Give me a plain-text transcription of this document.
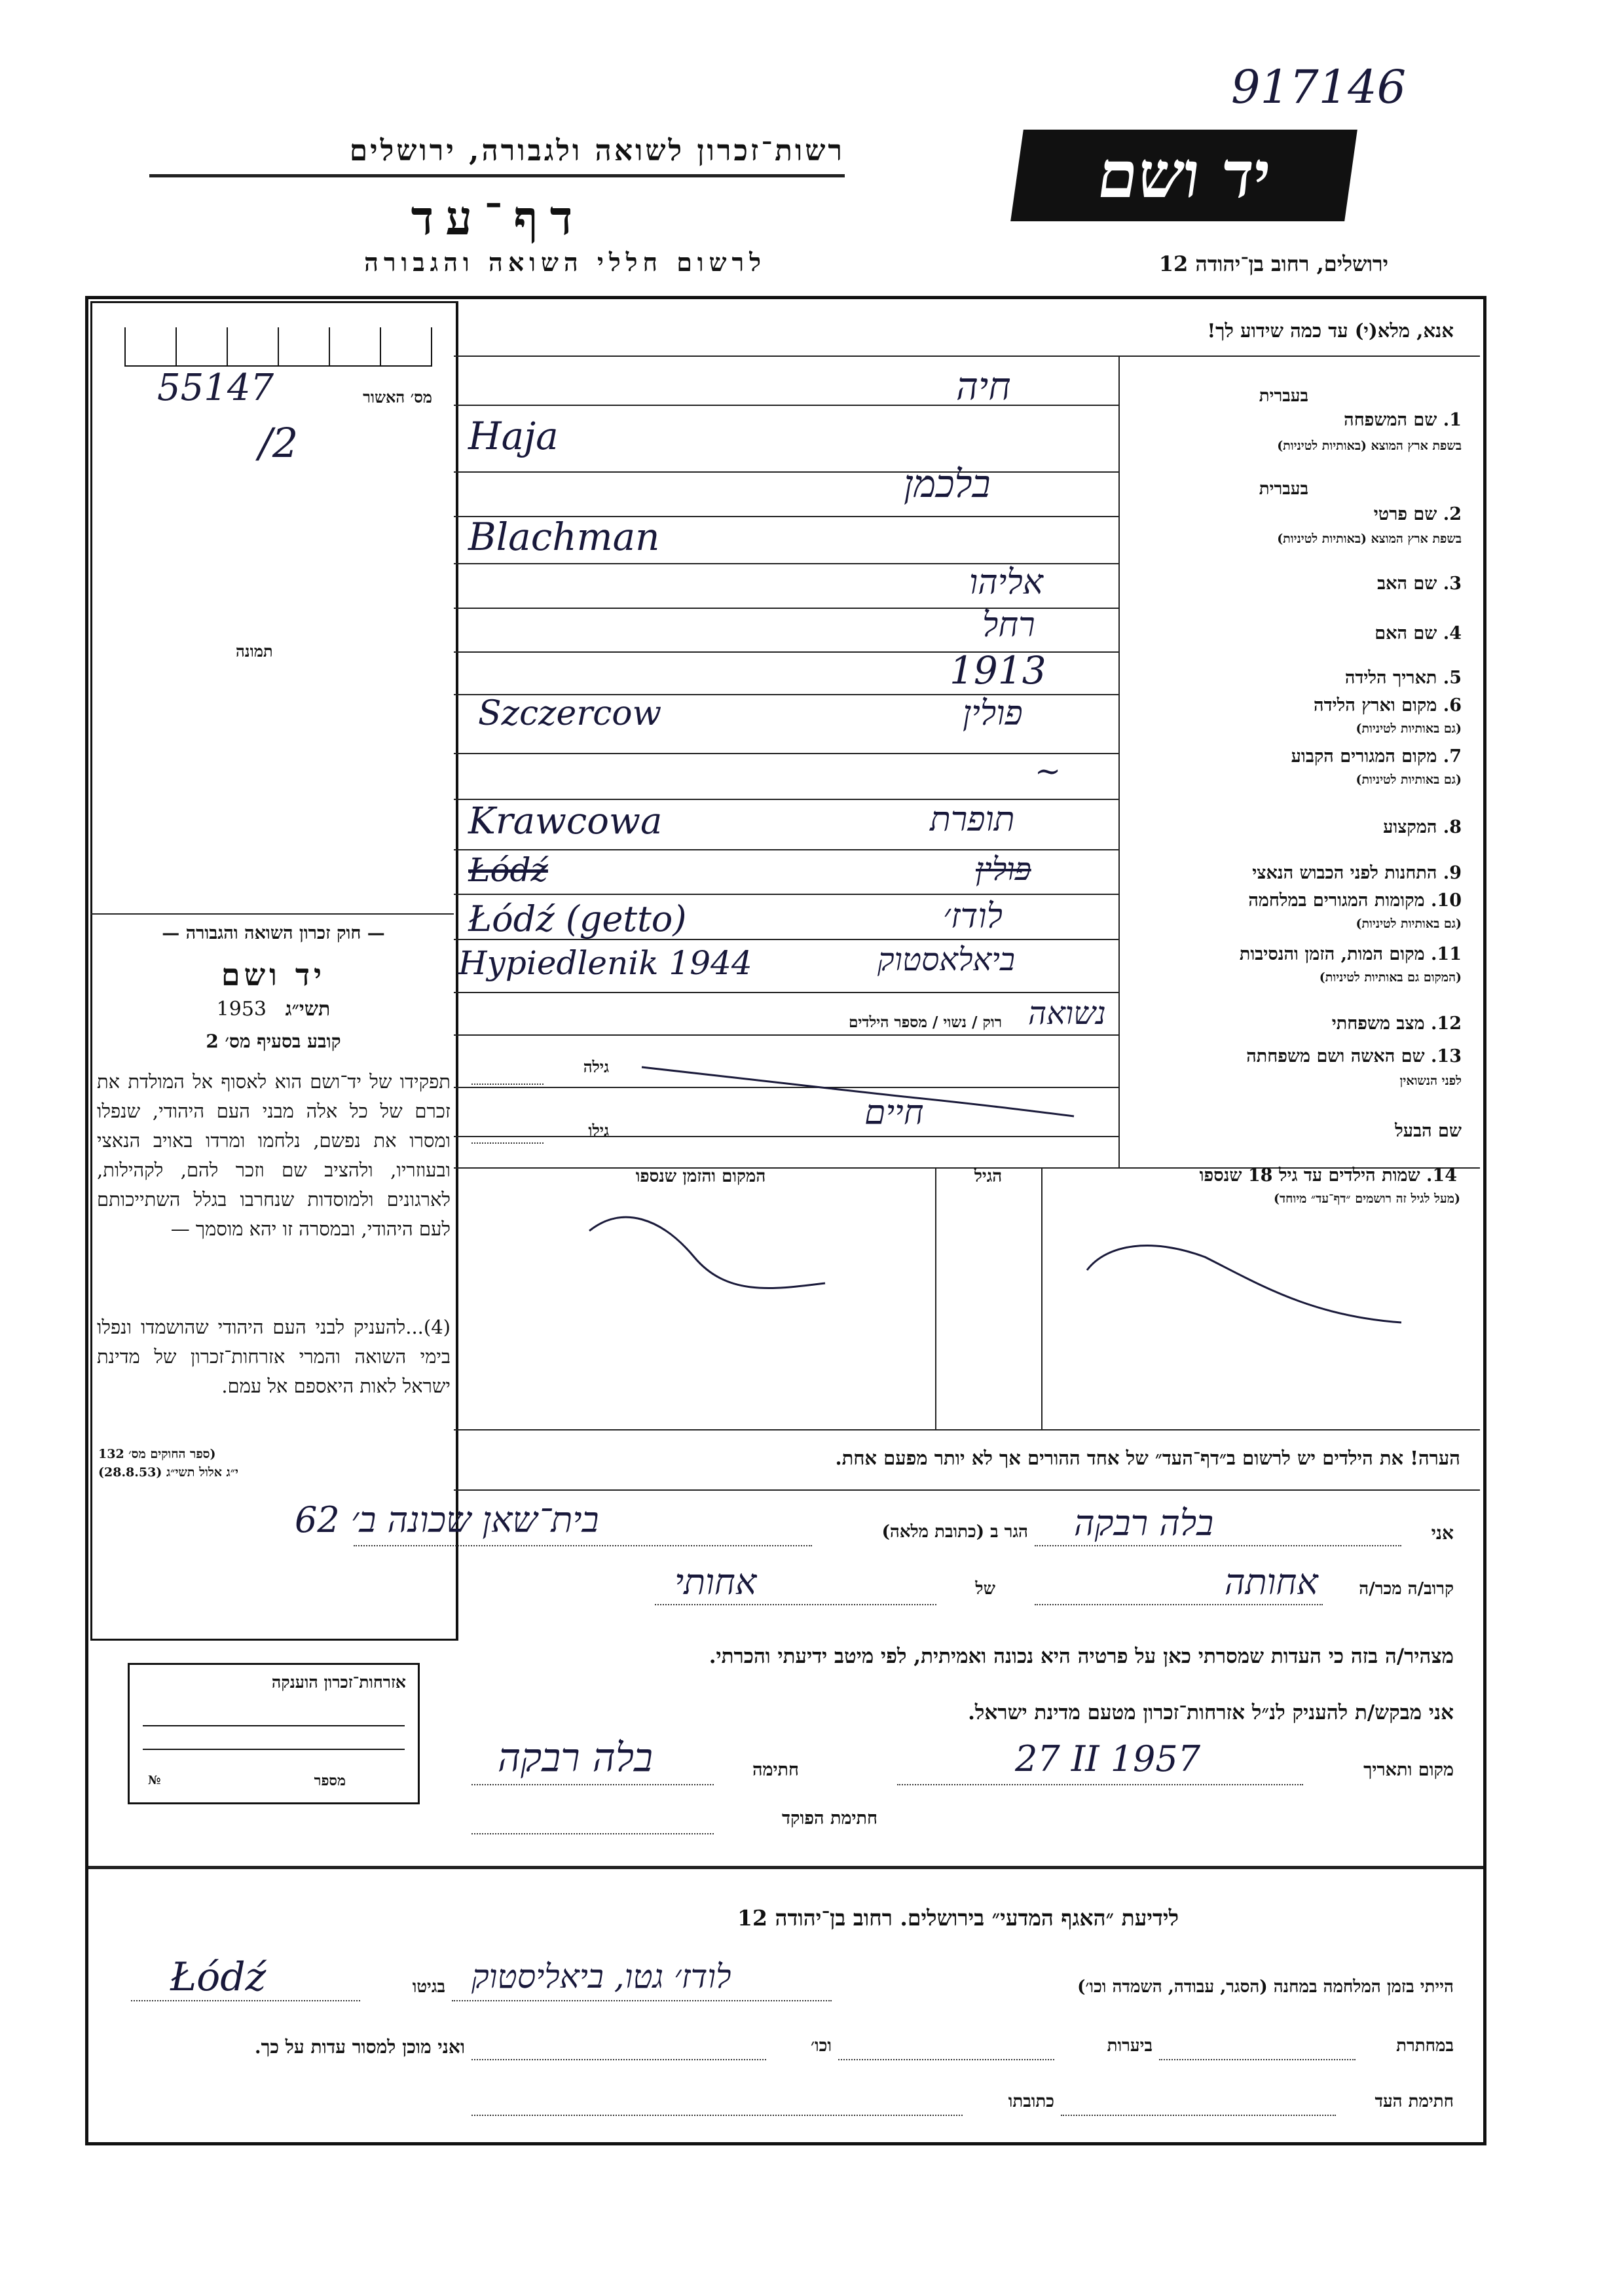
917146
רשות־זכרון לשואה ולגבורה, ירושלים
דף־עד
לרשום חללי השואה והגבורה
יד ושם
ירושלים, רחוב בן־יהודה 12
מס׳ האשור
55147
/2
תמונה
— חוק זכרון השואה והגבורה —
יד ושם
1953 תשי״ג
קובע בסעיף מס׳ 2
תפקידו של יד־ושם הוא לאסוף אל המולדת את זכרם של כל אלה מבני העם היהודי, שנפלו ומסרו את נפשם, נלחמו ומרדו באויב הנאצי ובעוזריו, ולהציב שם וזכר להם, לקהילות, לארגונים ולמוסדות שנחרבו בגלל השתייכותם לעם היהודי, ובמסרה זו יהא מוסמך —
(4)...להעניק לבני העם היהודי שהושמדו ונפלו בימי השואה והמרי אזרחות־זכרון של מדינת ישראל לאות היאספם אל עמם.
(ספר החוקים מס׳ 132
י״ג אלול תשי״ג (28.8.53)
אנא, מלא(י) עד כמה שידוע לך!
בעברית
1. שם המשפחה
בשפת ארץ המוצא (באותיות לטיניות)
בעברית
2. שם פרטי
בשפת ארץ המוצא (באותיות לטיניות)
3. שם האב
4. שם האם
5. תאריך הלידה
6. מקום וארץ הלידה
(גם באותיות לטיניות)
7. מקום המגורים הקבוע
(גם באותיות לטיניות)
8. המקצוע
9. התחנות לפני הכבוש הנאצי
10. מקומות המגורים במלחמה
(גם באותיות לטיניות)
11. מקום המות, הזמן והנסיבות
(המקום גם באותיות לטיניות)
12. מצב משפחתי
13. שם האשה ושם משפחתה
לפני הנשואין
שם הבעל
חיה
Haja
בלכמן
Blachman
אליהו
רחל
1913
פולין
Szczercow
~
תופרת
Krawcowa
פולין
Łódź
לודז׳
Łódź (getto)
ביאלאסטוק
Hypiedlenik 1944
נשואה
חיים
רוק / נשוי / מספר הילדים
גילה
גילו
14. שמות הילדים עד גיל 18 שנספו
(מעל לגיל זה רושמים ״דף־עד״ מיוחד)
הגיל
המקום והזמן שנספו
הערה! את הילדים יש לרשום ב״דף־העד״ של אחד ההורים אך לא יותר מפעם אחת.
אני
בלה רבקה
הגר ב (כתובת מלאה)
בית־שאן שכונה ב׳ 62
קרוב/ה מכר/ה
אחותה
של
אחותי
מצהיר/ה בזה כי העדות שמסרתי כאן על פרטיה היא נכונה ואמיתית, לפי מיטב ידיעתי והכרתי.
אזרחות־זכרון הוענקה
№	מספר
אני מבקש/ת להעניק לנ״ל אזרחות־זכרון מטעם מדינת ישראל.
מקום ותאריך
27 II 1957
חתימה
בלה רבקה
חתימת הפוקד
לידיעת ״האגף המדעי״ בירושלים. רחוב בן־יהודה 12
הייתי בזמן המלחמה במחנה (הסגר, עבודה, השמדה וכו׳)
לודז׳ גטו, ביאליסטוק
בגיטו
Łódź
במחתרת
ביערות
וכו׳
ואני מוכן למסור עדות על כך.
חתימת העד
כתובתו
